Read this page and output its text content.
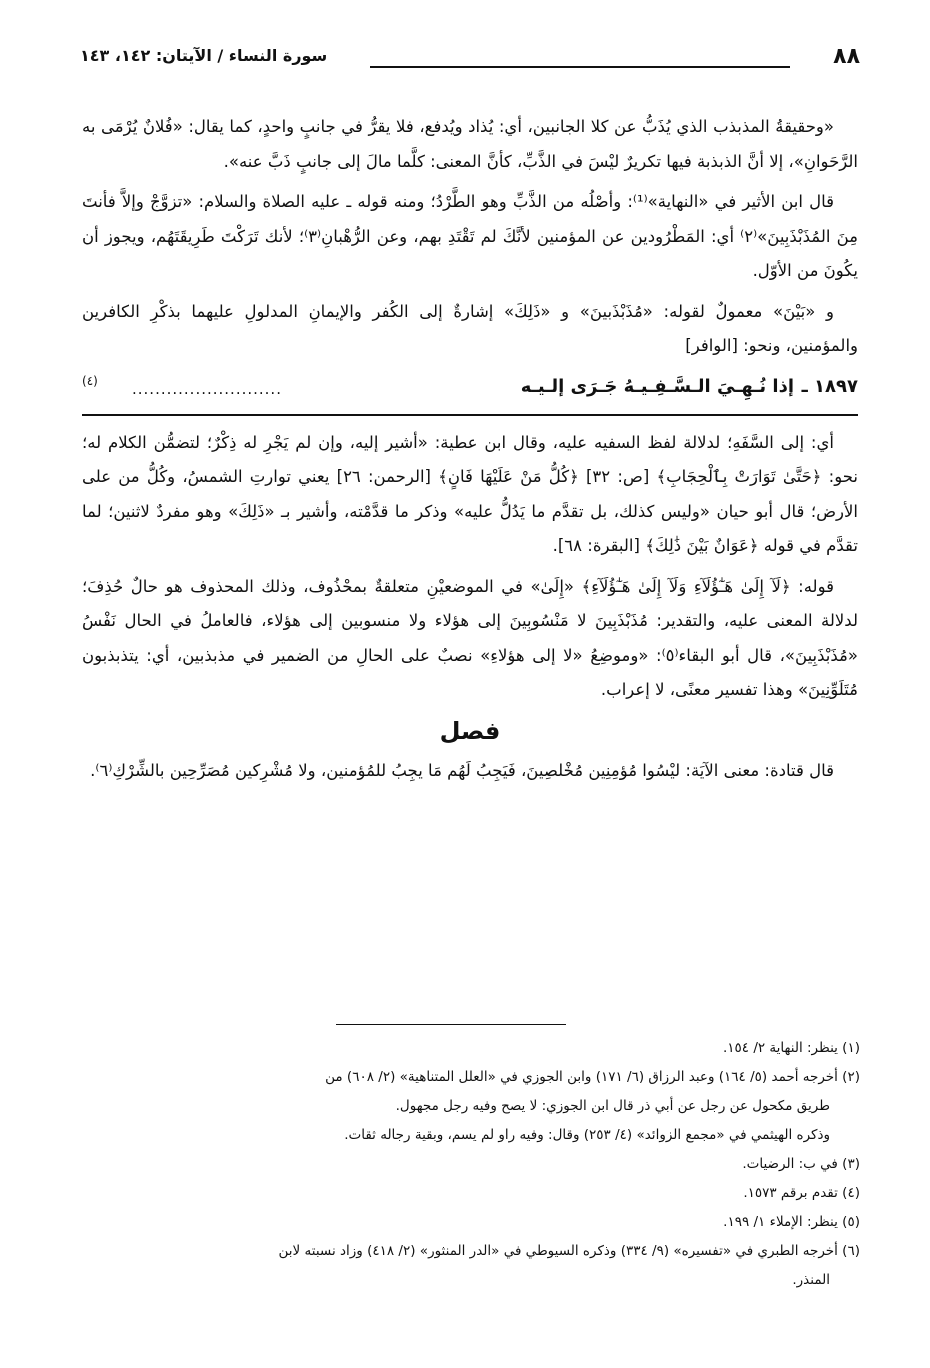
٨٨
سورة النساء / الآيتان: ١٤٢، ١٤٣

«وحقيقةُ المذبذب الذي يُذَبُّ عن كلا الجانبين، أي: يُذاد ويُدفع، فلا يقرُّ في جانبٍ واحدٍ، كما يقال: «فُلانٌ يُرْمَى به الرَّحَوانِ»، إلا أنَّ الذبذبة فيها تكريرٌ ليْسَ في الذَّبِّ، كأنَّ المعنى: كلَّما مالَ إلى جانبٍ ذَبَّ عنه».

قال ابن الأثير في «النهاية»⁽¹⁾: وأصْلُه من الذَّبِّ وهو الطَّرْدُ؛ ومنه قوله ـ عليه الصلاة والسلام: «تزوَّجْ وإلاَّ فأنتَ مِنَ المُذَبْذَبِينَ»⁽٢⁾ أي: المَطْرُودين عن المؤمنين لأنَّكَ لم تَقْتَدِ بهم، وعن الرُّهْبانِ⁽٣⁾؛ لأنك تَرَكْتَ طَرِيقَتَهُم، ويجوز أن يكُونَ من الأوّل.

و «بَيْنَ» معمولٌ لقوله: «مُذَبْذَبينَ» و «ذَلِكَ» إشارةٌ إلى الكُفر والإيمانِ المدلولِ عليهما بذكْرِ الكافرين والمؤمنين، ونحو: [الوافر]

١٨٩٧ ـ
إذا نُـهِـيَ الـسَّـفِـيـهُ جَـرَى إلـيـه
..........................
(٤)

أي: إلى السَّفَهِ؛ لدلالة لفظ السفيه عليه، وقال ابن عطية: «أشير إليه، وإن لم يَجْرِ له ذِكْرٌ؛ لتضمُّن الكلام له؛ نحو: ﴿حَتَّىٰ تَوَارَتْ بِٱلْحِجَابِ﴾ [ص: ٣٢] ﴿كُلُّ مَنْ عَلَيْهَا فَانٍ﴾ [الرحمن: ٢٦] يعني توارتِ الشمسُ، وكُلُّ من على الأرض؛ قال أبو حيان «وليس كذلك، بل تقدَّم ما يَدُلُّ عليه» وذكر ما قدَّمْته، وأشير بـ «ذَلِكَ» وهو مفردٌ لاثنين؛ لما تقدَّم في قوله ﴿عَوَانٌ بَيْنَ ذَٰلِكَ﴾ [البقرة: ٦٨].

قوله: ﴿لَآ إِلَىٰ هَـٰٓؤُلَآءِ وَلَآ إِلَىٰ هَـٰٓؤُلَآءِ﴾ «إِلَىٰ» في الموضعيْنِ متعلقةٌ بمحْذُوف، وذلك المحذوف هو حالٌ حُذِفَ؛ لدلالة المعنى عليه، والتقدير: مُذَبْذَبِينَ لا مَنْسُوبِينَ إلى هؤلاء ولا منسوبين إلى هؤلاء، فالعاملُ في الحال نَفْسُ «مُذَبْذَبِينَ»، قال أبو البقاء⁽٥⁾: «وموضِعُ «لا إلى هؤلاءِ» نصبٌ على الحالِ من الضمير في مذبذبين، أي: يتذبذبون مُتَلَوِّنِينَ» وهذا تفسير معنًى، لا إعراب.

فصل

قال قتادة: معنى الآيَة: ليْسُوا مُؤمِنِين مُخْلصِينَ، فَيَجِبُ لَهُم مَا يجِبُ للمُؤمنين، ولا مُشْرِكين مُصَرِّحِين بالشِّرْكِ⁽٦⁾.

(١) ينظر: النهاية ٢/ ١٥٤.

(٢) أخرجه أحمد (٥/ ١٦٤) وعبد الرزاق (٦/ ١٧١) وابن الجوزي في «العلل المتناهية» (٢/ ٦٠٨) من
طريق مكحول عن رجل عن أبي ذر قال ابن الجوزي: لا يصح وفيه رجل مجهول.
وذكره الهيثمي في «مجمع الزوائد» (٤/ ٢٥٣) وقال: وفيه راو لم يسم، وبقية رجاله ثقات.

(٣) في ب: الرضيات.

(٤) تقدم برقم ١٥٧٣.

(٥) ينظر: الإملاء ١/ ١٩٩.

(٦) أخرجه الطبري في «تفسيره» (٩/ ٣٣٤) وذكره السيوطي في «الدر المنثور» (٢/ ٤١٨) وزاد نسبته لابن
المنذر.
